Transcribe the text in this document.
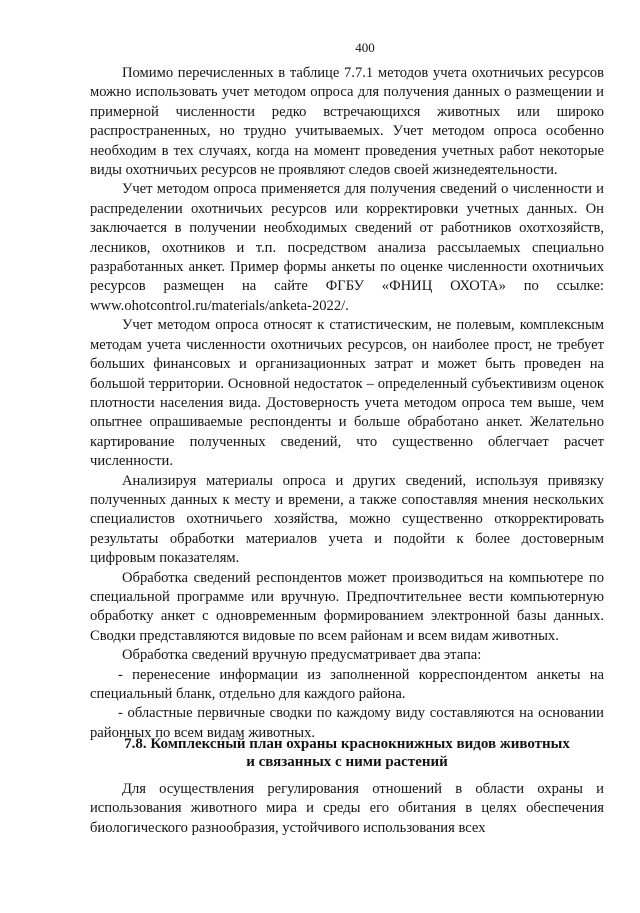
400

Помимо перечисленных в таблице 7.7.1 методов учета охотничьих ресурсов можно использовать учет методом опроса для получения данных о размещении и примерной численности редко встречающихся животных или широко распространенных, но трудно учитываемых. Учет методом опроса особенно необходим в тех случаях, когда на момент проведения учетных работ некоторые виды охотничьих ресурсов не проявляют следов своей жизнедеятельности.

Учет методом опроса применяется для получения сведений о численности и распределении охотничьих ресурсов или корректировки учетных данных. Он заключается в получении необходимых сведений от работников охотхозяйств, лесников, охотников и т.п. посредством анализа рассылаемых специально разработанных анкет. Пример формы анкеты по оценке численности охотничьих ресурсов размещен на сайте ФГБУ «ФНИЦ ОХОТА» по ссылке: www.ohotcontrol.ru/materials/anketa-2022/.

Учет методом опроса относят к статистическим, не полевым, комплексным методам учета численности охотничьих ресурсов, он наиболее прост, не требует больших финансовых и организационных затрат и может быть проведен на большой территории. Основной недостаток – определенный субъективизм оценок плотности населения вида. Достоверность учета методом опроса тем выше, чем опытнее опрашиваемые респонденты и больше обработано анкет. Желательно картирование полученных сведений, что существенно облегчает расчет численности.

Анализируя материалы опроса и других сведений, используя привязку полученных данных к месту и времени, а также сопоставляя мнения нескольких специалистов охотничьего хозяйства, можно существенно откорректировать результаты обработки материалов учета и подойти к более достоверным цифровым показателям.

Обработка сведений респондентов может производиться на компьютере по специальной программе или вручную. Предпочтительнее вести компьютерную обработку анкет с одновременным формированием электронной базы данных. Сводки представляются видовые по всем районам и всем видам животных.

Обработка сведений вручную предусматривает два этапа:

- перенесение информации из заполненной корреспондентом анкеты на специальный бланк, отдельно для каждого района.

- областные первичные сводки по каждому виду составляются на основании районных по всем видам животных.

7.8. Комплексный план охраны краснокнижных видов животных
и связанных с ними растений

Для осуществления регулирования отношений в области охраны и использования животного мира и среды его обитания в целях обеспечения биологического разнообразия, устойчивого использования всех
